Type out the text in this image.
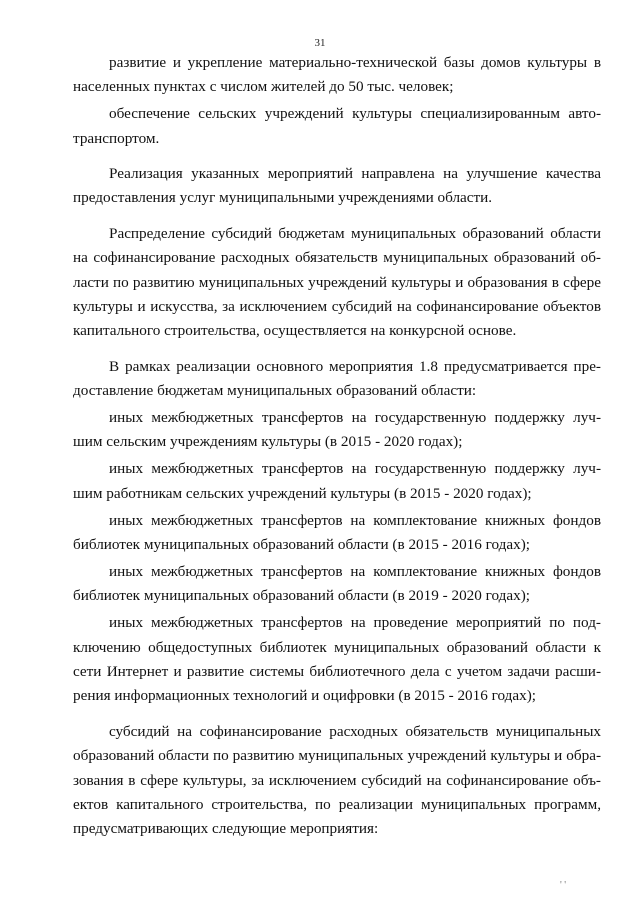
31

развитие и укрепление материально-технической базы домов культуры в
населенных пунктах с числом жителей до 50 тыс. человек;

обеспечение сельских учреждений культуры специализированным авто-
транспортом.

Реализация указанных мероприятий направлена на улучшение качества
предоставления услуг муниципальными учреждениями области.

Распределение субсидий бюджетам муниципальных образований области
на софинансирование расходных обязательств муниципальных образований об-
ласти по развитию муниципальных учреждений культуры и образования в сфере
культуры и искусства, за исключением субсидий на софинансирование объектов
капитального строительства, осуществляется на конкурсной основе.

В рамках реализации основного мероприятия 1.8 предусматривается пре-
доставление бюджетам муниципальных образований области:

иных межбюджетных трансфертов на государственную поддержку луч-
шим сельским учреждениям культуры (в 2015 - 2020 годах);

иных межбюджетных трансфертов на государственную поддержку луч-
шим работникам сельских учреждений культуры (в 2015 - 2020 годах);

иных межбюджетных трансфертов на комплектование книжных фондов
библиотек муниципальных образований области (в 2015 - 2016 годах);

иных межбюджетных трансфертов на комплектование книжных фондов
библиотек муниципальных образований области (в 2019 - 2020 годах);

иных межбюджетных трансфертов на проведение мероприятий по под-
ключению общедоступных библиотек муниципальных образований области к
сети Интернет и развитие системы библиотечного дела с учетом задачи расши-
рения информационных технологий и оцифровки (в 2015 - 2016 годах);

субсидий на софинансирование расходных обязательств муниципальных
образований области по развитию муниципальных учреждений культуры и обра-
зования в сфере культуры, за исключением субсидий на софинансирование объ-
ектов капитального строительства, по реализации муниципальных программ,
предусматривающих следующие мероприятия:

' '
